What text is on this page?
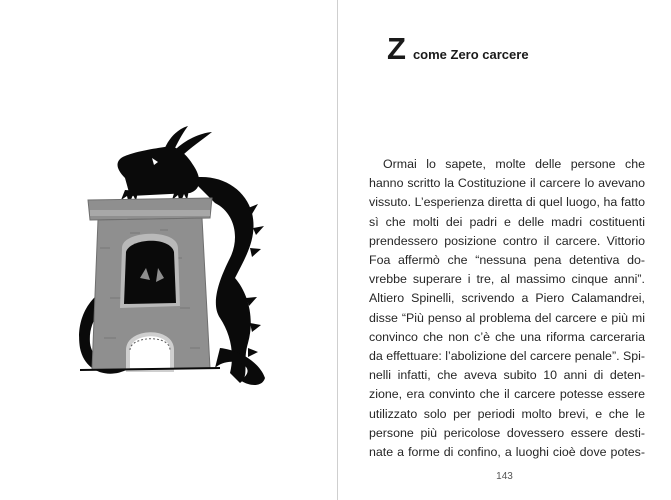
Z come Zero carcere
Ormai lo sapete, molte delle persone che
hanno scritto la Costituzione il carcere lo avevano
vissuto. L’esperienza diretta di quel luogo, ha fatto
sì che molti dei padri e delle madri costituenti
prendessero posizione contro il carcere. Vittorio
Foa affermò che “nessuna pena detentiva do-
vrebbe superare i tre, al massimo cinque anni”.
Altiero Spinelli, scrivendo a Piero Calamandrei,
disse “Più penso al problema del carcere e più mi
convinco che non c’è che una riforma carceraria
da effettuare: l’abolizione del carcere penale”. Spi-
nelli infatti, che aveva subito 10 anni di deten-
zione, era convinto che il carcere potesse essere
utilizzato solo per periodi molto brevi, e che le
persone più pericolose dovessero essere desti-
nate a forme di confino, a luoghi cioè dove potes-
143
